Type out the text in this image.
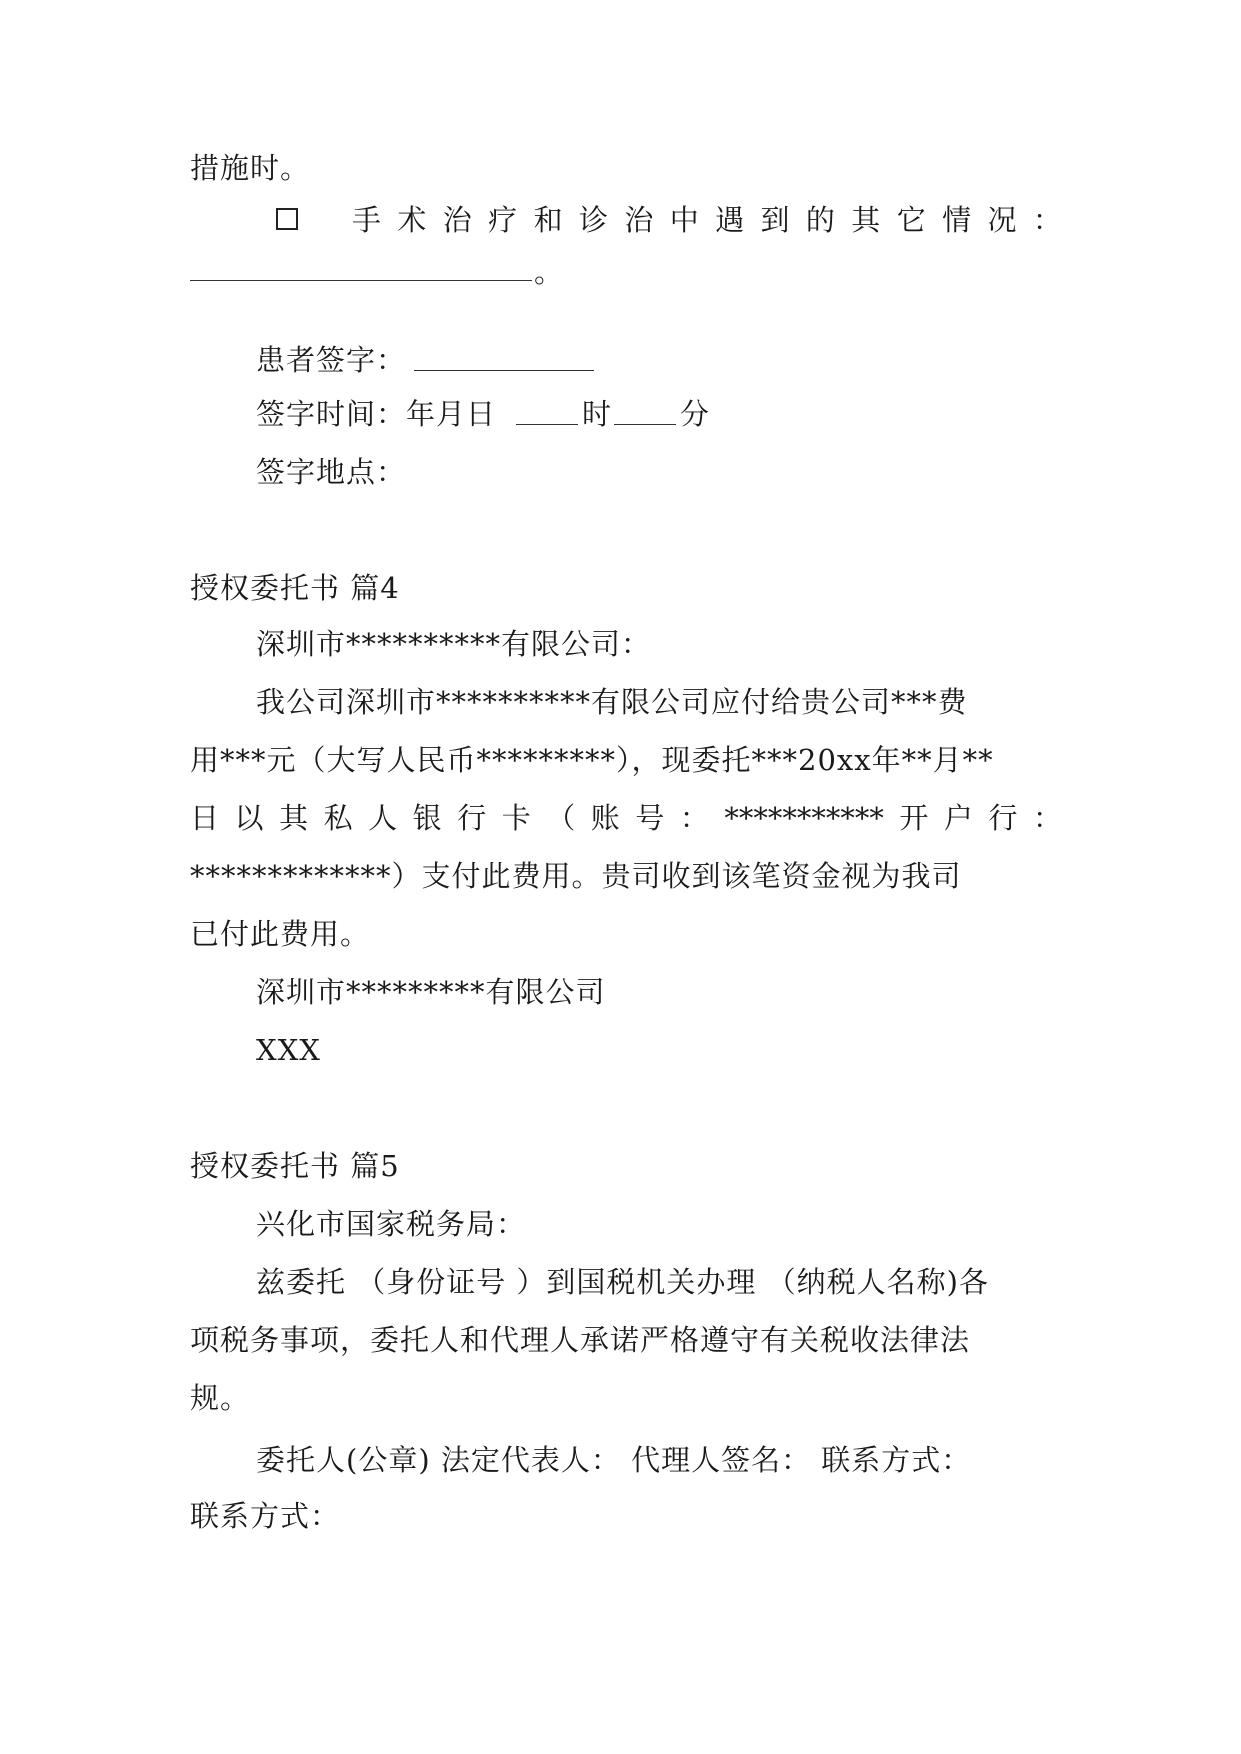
措施时。
手 术 治 疗 和 诊 治 中 遇 到 的 其 它 情 况 ：
。
患者签字：
签字时间：年月日	时 分
签字地点：
授权委托书 篇4
深圳市**********有限公司：
我公司深圳市**********有限公司应付给贵公司***费
用***元（大写人民币*********），现委托***20xx年**月**
日 以 其 私 人 银 行 卡 （ 账 号 ： *********** 开 户 行 ：
*************）支付此费用。贵司收到该笔资金视为我司
已付此费用。
深圳市*********有限公司
XXX
授权委托书 篇5
兴化市国家税务局：
兹委托 （身份证号 ）到国税机关办理 （纳税人名称)各
项税务事项，委托人和代理人承诺严格遵守有关税收法律法
规。
委托人(公章) 法定代表人： 代理人签名： 联系方式：
联系方式：
